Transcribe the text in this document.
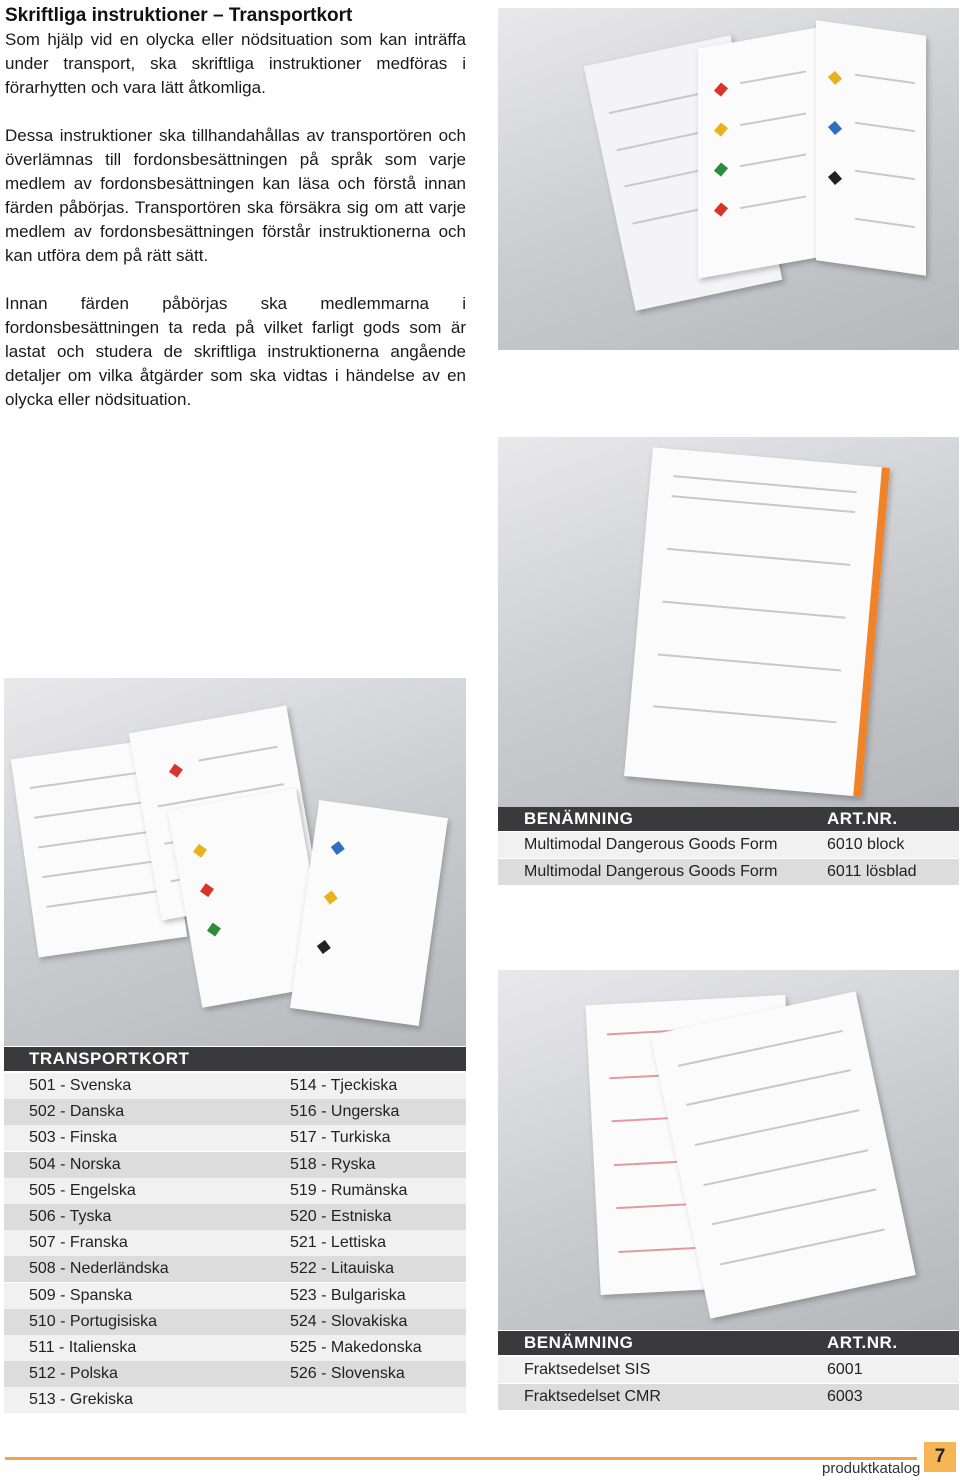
Skriftliga instruktioner – Transportkort

Som hjälp vid en olycka eller nödsituation som kan inträffa under transport, ska skriftliga instruktioner medföras i förarhytten och vara lätt åtkomliga.

Dessa instruktioner ska tillhandahållas av transportören och överlämnas till fordonsbesättningen på språk som varje medlem av fordonsbesättningen kan läsa och förstå innan färden påbörjas. Transportören ska försäkra sig om att varje medlem av fordonsbesättningen förstår instruktionerna och kan utföra dem på rätt sätt.

Innan färden påbörjas ska medlemmarna i fordonsbesättningen ta reda på vilket farligt gods som är lastat och studera de skriftliga instruktionerna angående detaljer om vilka åtgärder som ska vidtas i händelse av en olycka eller nödsituation.

BENÄMNING	ART.NR.
Multimodal Dangerous Goods Form	6010 block
Multimodal Dangerous Goods Form	6011 lösblad
TRANSPORTKORT
501 - Svenska	514 - Tjeckiska
502 - Danska	516 - Ungerska
503 - Finska	517 - Turkiska
504 - Norska	518 - Ryska
505 - Engelska	519 - Rumänska
506 - Tyska	520 - Estniska
507 - Franska	521 - Lettiska
508 - Nederländska	522 - Litauiska
509 - Spanska	523 - Bulgariska
510 - Portugisiska	524 - Slovakiska
511 - Italienska	525 - Makedonska
512 - Polska	526 - Slovenska
513 - Grekiska
BENÄMNING	ART.NR.
Fraktsedelset SIS	6001
Fraktsedelset CMR	6003
produktkatalog
7
